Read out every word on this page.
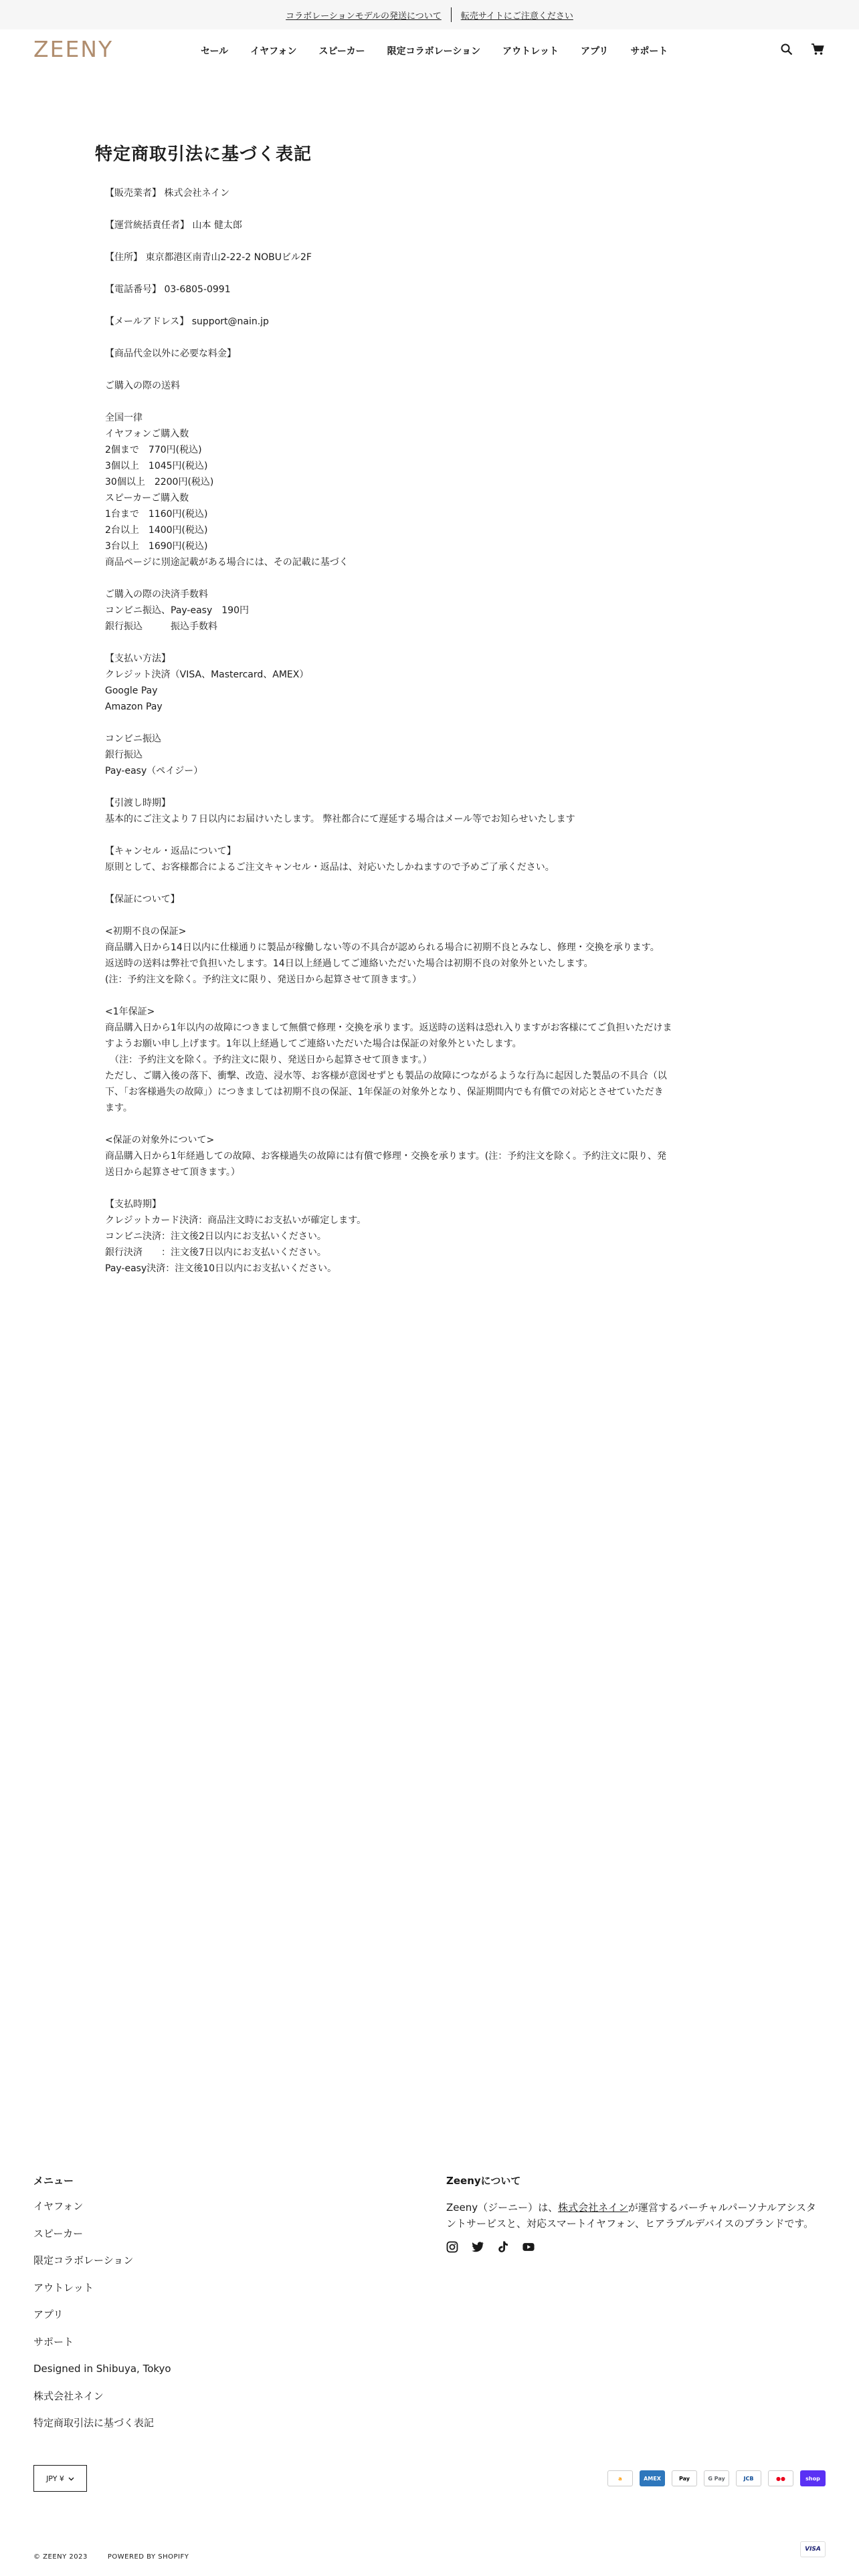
コラボレーションモデルの発送について	転売サイトにご注意ください
ZEENY	セール イヤフォン スピーカー 限定コラボレーション アウトレット アプリ サポート
特定商取引法に基づく表記

【販売業者】 株式会社ネイン

【運営統括責任者】 山本 健太郎

【住所】 東京都港区南青山2-22-2 NOBUビル2F

【電話番号】 03-6805-0991

【メールアドレス】 support@nain.jp

【商品代金以外に必要な料金】

ご購入の際の送料

全国一律

イヤフォンご購入数

2個まで　770円(税込)

3個以上　1045円(税込)

30個以上　2200円(税込)

スピーカーご購入数

1台まで　1160円(税込)

2台以上　1400円(税込)

3台以上　1690円(税込)

商品ページに別途記載がある場合には、その記載に基づく

ご購入の際の決済手数料

コンビニ振込、Pay-easy　190円

銀行振込　　　振込手数料

【支払い方法】

クレジット決済（VISA、Mastercard、AMEX）

Google Pay

Amazon Pay

コンビニ振込

銀行振込

Pay-easy（ペイジー）

【引渡し時期】

基本的にご注文より７日以内にお届けいたします。 弊社都合にて遅延する場合はメール等でお知らせいたします

【キャンセル・返品について】

原則として、お客様都合によるご注文キャンセル・返品は、対応いたしかねますので予めご了承ください。

【保証について】

<初期不良の保証>

商品購入日から14日以内に仕様通りに製品が稼働しない等の不具合が認められる場合に初期不良とみなし、修理・交換を承ります。

返送時の送料は弊社で負担いたします。14日以上経過してご連絡いただいた場合は初期不良の対象外といたします。

(注：予約注文を除く。予約注文に限り、発送日から起算させて頂きます。）

<1年保証>

商品購入日から1年以内の故障につきまして無償で修理・交換を承ります。返送時の送料は恐れ入りますがお客様にてご負担いただけま

すようお願い申し上げます。1年以上経過してご連絡いただいた場合は保証の対象外といたします。

　（注：予約注文を除く。予約注文に限り、発送日から起算させて頂きます。）

ただし、ご購入後の落下、衝撃、改造、浸水等、お客様が意図せずとも製品の故障につながるような行為に起因した製品の不具合（以

下、「お客様過失の故障」）につきましては初期不良の保証、1年保証の対象外となり、保証期間内でも有償での対応とさせていただき

ます。

<保証の対象外について>

商品購入日から1年経過しての故障、お客様過失の故障には有償で修理・交換を承ります。(注：予約注文を除く。予約注文に限り、発

送日から起算させて頂きます。）

【支払時期】

クレジットカード決済：商品注文時にお支払いが確定します。

コンビニ決済：注文後2日以内にお支払いください。

銀行決済　　：注文後7日以内にお支払いください。

Pay-easy決済：注文後10日以内にお支払いください。

メニュー
イヤフォン
スピーカー
限定コラボレーション
アウトレット
アプリ
サポート
Designed in Shibuya, Tokyo
株式会社ネイン
特定商取引法に基づく表記
Zeenyについて

Zeeny（ジーニー）は、株式会社ネインが運営するバーチャルパーソナルアシスタントサービスと、対応スマートイヤフォン、ヒアラブルデバイスのブランドです。

JPY ¥	a	AMEX	Pay	G Pay	JCB	●●	shop
VISA
© ZEENY 2023	POWERED BY SHOPIFY
